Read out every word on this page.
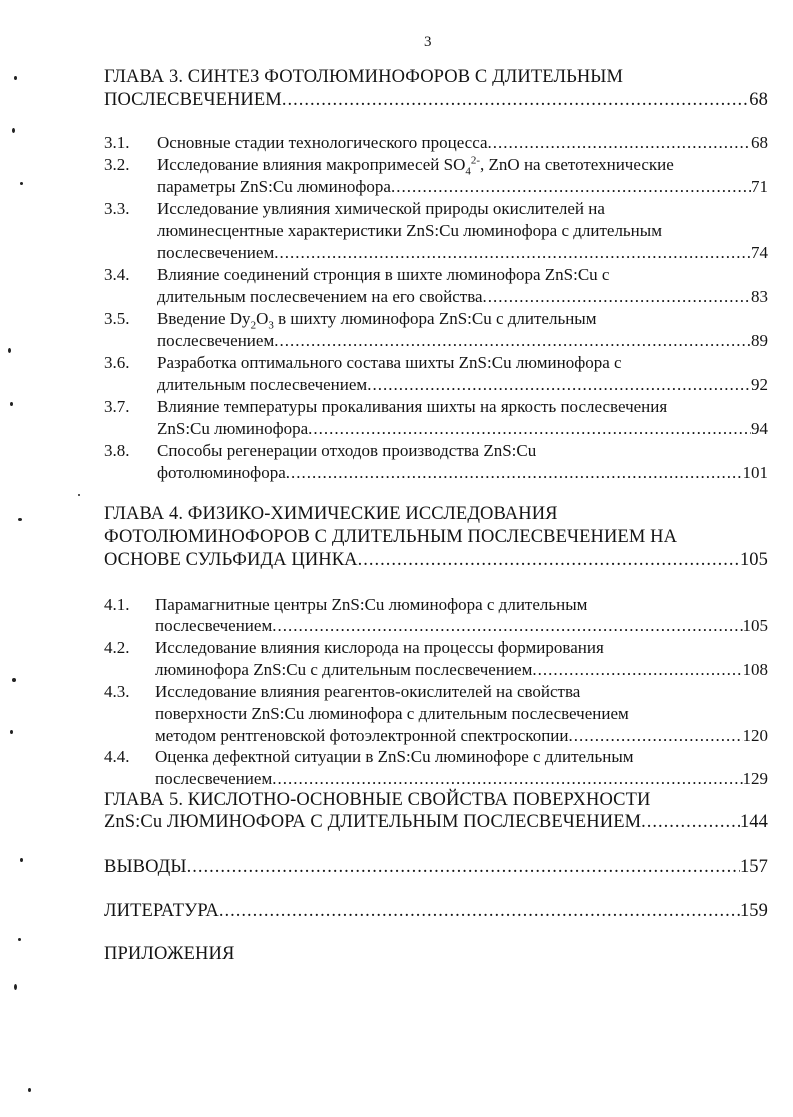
3
ГЛАВА 3. СИНТЕЗ ФОТОЛЮМИНОФОРОВ С ДЛИТЕЛЬНЫМ
ПОСЛЕСВЕЧЕНИЕМ .....	68
3.1. Основные стадии технологического процесса .....	68
3.2. Исследование влияния макропримесей $SO_4^{2-}$, ZnO на светотехнические
параметры ZnS:Cu люминофора .....	71
3.3. Исследование увлияния химической природы окислителей на
люминесцентные характеристики ZnS:Cu люминофора с длительным
послесвечением .....	74
3.4. Влияние соединений стронция в шихте люминофора ZnS:Cu с
длительным послесвечением на его свойства .....	83
3.5. Введение $Dy_2O_3$ в шихту люминофора ZnS:Cu с длительным
послесвечением .....	89
3.6. Разработка оптимального состава шихты ZnS:Cu люминофора с
длительным послесвечением .....	92
3.7. Влияние температуры прокаливания шихты на яркость послесвечения
ZnS:Cu люминофора .....	94
3.8. Способы регенерации отходов производства ZnS:Cu
фотолюминофора .....	101
ГЛАВА 4. ФИЗИКО-ХИМИЧЕСКИЕ ИССЛЕДОВАНИЯ
ФОТОЛЮМИНОФОРОВ С ДЛИТЕЛЬНЫМ ПОСЛЕСВЕЧЕНИЕМ НА
ОСНОВЕ СУЛЬФИДА ЦИНКА .....	105
4.1. Парамагнитные центры ZnS:Cu люминофора с длительным
послесвечением .....	105
4.2. Исследование влияния кислорода на процессы формирования
люминофора ZnS:Cu с длительным послесвечением .....	108
4.3. Исследование влияния реагентов-окислителей на свойства
поверхности ZnS:Cu люминофора с длительным послесвечением
методом рентгеновской фотоэлектронной спектроскопии .....	120
4.4. Оценка дефектной ситуации в ZnS:Cu люминофоре с длительным
послесвечением .....	129
ГЛАВА 5. КИСЛОТНО-ОСНОВНЫЕ СВОЙСТВА ПОВЕРХНОСТИ
ZnS:Cu ЛЮМИНОФОРА С ДЛИТЕЛЬНЫМ ПОСЛЕСВЕЧЕНИЕМ .....	144
ВЫВОДЫ .....	157
ЛИТЕРАТУРА .....	159
ПРИЛОЖЕНИЯ
